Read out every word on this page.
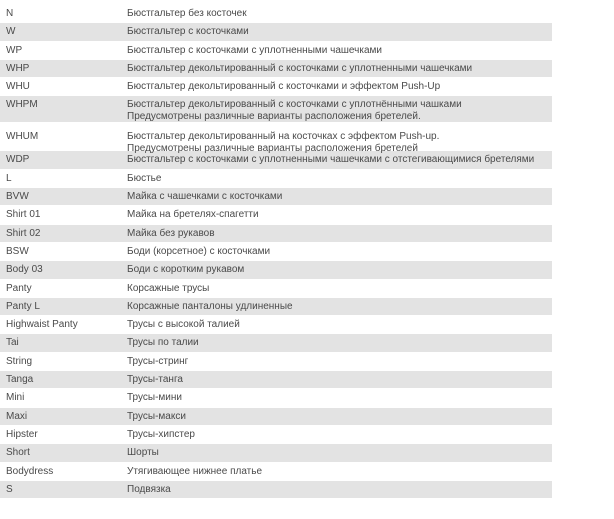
N	Бюстгальтер без косточек
W	Бюстгальтер с косточками
WP	Бюстгальтер с косточками с уплотненными чашечками
WHP	Бюстгальтер декольтированный с косточками с уплотненными чашечками
WHU	Бюстгальтер декольтированный с косточками и эффектом Push-Up
WHPM	Бюстгальтер декольтированный с косточками с уплотнёнными чашками
Предусмотрены различные варианты расположения бретелей.
WHUM	Бюстгальтер декольтированный на косточках с эффектом Push-up.
Предусмотрены различные варианты расположения бретелей
WDP	Бюстгальтер с косточками с уплотненными чашечками с отстегивающимися бретелями
L	Бюстье
BVW	Майка с чашечками с косточками
Shirt 01	Майка на бретелях-спагетти
Shirt 02	Майка без рукавов
BSW	Боди (корсетное) с косточками
Body 03	Боди с коротким рукавом
Panty	Корсажные трусы
Panty L	Корсажные панталоны удлиненные
Highwaist Panty	Трусы с высокой талией
Tai	Трусы по талии
String	Трусы-стринг
Tanga	Трусы-танга
Mini	Трусы-мини
Maxi	Трусы-макси
Hipster	Трусы-хипстер
Short	Шорты
Bodydress	Утягивающее нижнее платье
S	Подвязка
